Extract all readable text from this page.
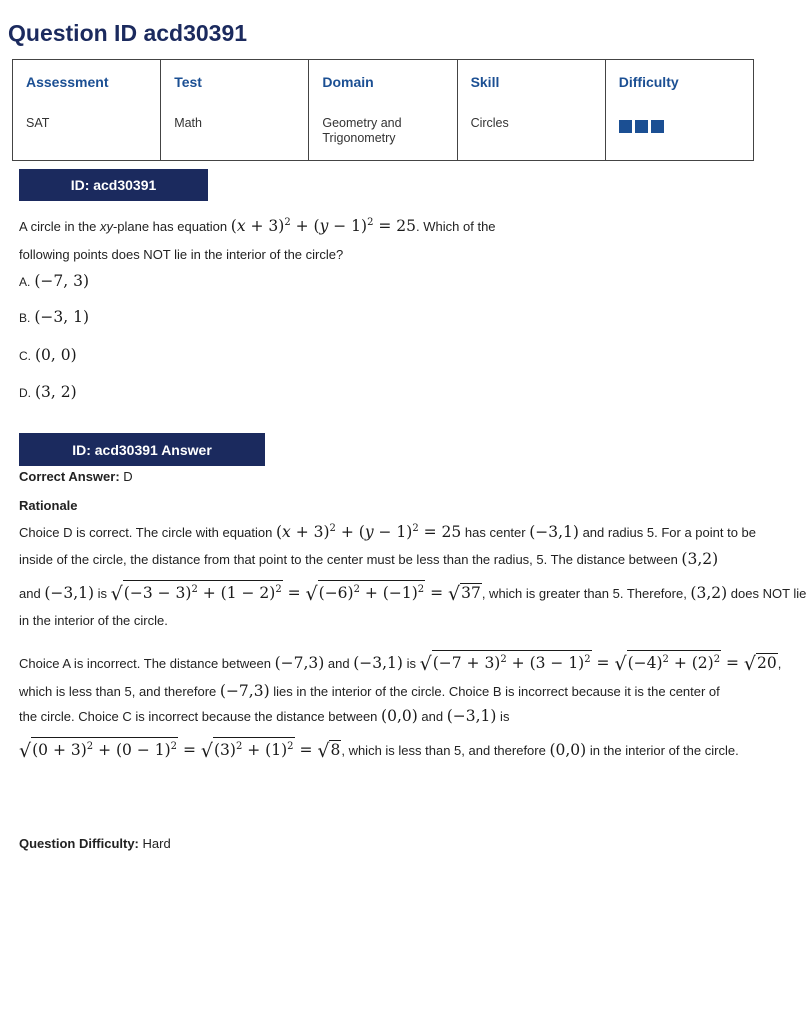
Question ID acd30391
Assessment
SAT

Test
Math

Domain
Geometry and Trigonometry

Skill
Circles

Difficulty
ID: acd30391
A circle in the xy-plane has equation $(x + 3)^2 + (y - 1)^2 = 25$. Which of the
following points does NOT lie in the interior of the circle?
A. (−7, 3)
B. (−3, 1)
C. (0, 0)
D. (3, 2)
ID: acd30391 Answer
Correct Answer: D
Rationale
Choice D is correct. The circle with equation $(x + 3)^2 + (y - 1)^2 = 25$ has center (−3,1) and radius 5. For a point to be
inside of the circle, the distance from that point to the center must be less than the radius, 5. The distance between (3,2)
and (−3,1) is $√(-3 - 3)^2 + (1 - 2)^2 = √(-6)^2 + (-1)^2 = √37$, which is greater than 5. Therefore, (3,2) does NOT lie
in the interior of the circle.
Choice A is incorrect. The distance between (−7,3) and (−3,1) is $√(-7 + 3)^2 + (3 - 1)^2 = √(-4)^2 + (2)^2 = √20$,
which is less than 5, and therefore (−7,3) lies in the interior of the circle. Choice B is incorrect because it is the center of
the circle. Choice C is incorrect because the distance between (0,0) and (−3,1) is
$√(0 + 3)^2 + (0 - 1)^2 = √(3)^2 + (1)^2 = √8$, which is less than 5, and therefore (0,0) in the interior of the circle.
Question Difficulty: Hard
